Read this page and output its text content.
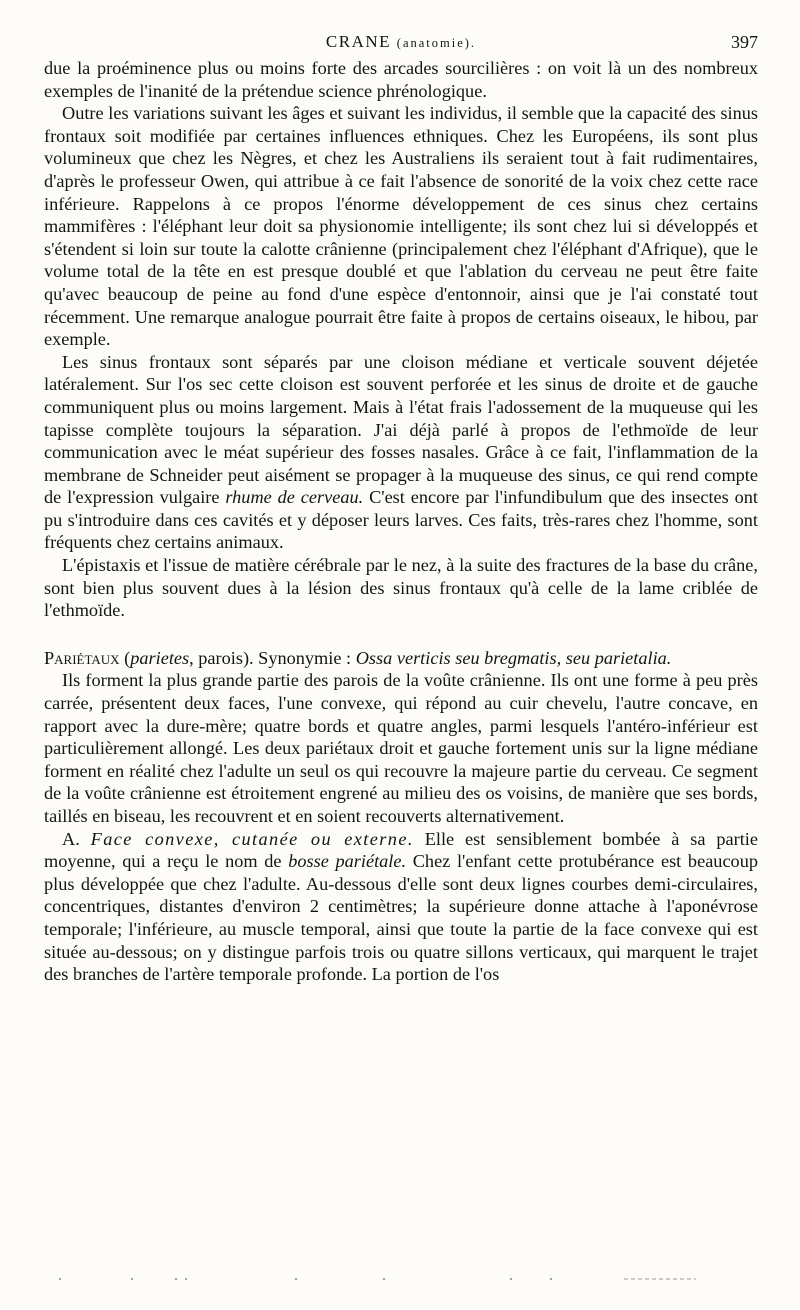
CRANE (anatomie).	397

due la proéminence plus ou moins forte des arcades sourcilières : on voit là un des nombreux exemples de l'inanité de la prétendue science phrénologique.

Outre les variations suivant les âges et suivant les individus, il semble que la capacité des sinus frontaux soit modifiée par certaines influences ethniques. Chez les Européens, ils sont plus volumineux que chez les Nègres, et chez les Australiens ils seraient tout à fait rudimentaires, d'après le professeur Owen, qui attribue à ce fait l'absence de sonorité de la voix chez cette race inférieure. Rappelons à ce propos l'énorme développement de ces sinus chez certains mammifères : l'éléphant leur doit sa physionomie intelligente; ils sont chez lui si développés et s'étendent si loin sur toute la calotte crânienne (principalement chez l'éléphant d'Afrique), que le volume total de la tête en est presque doublé et que l'ablation du cerveau ne peut être faite qu'avec beaucoup de peine au fond d'une espèce d'entonnoir, ainsi que je l'ai constaté tout récemment. Une remarque analogue pourrait être faite à propos de certains oiseaux, le hibou, par exemple.

Les sinus frontaux sont séparés par une cloison médiane et verticale souvent déjetée latéralement. Sur l'os sec cette cloison est souvent perforée et les sinus de droite et de gauche communiquent plus ou moins largement. Mais à l'état frais l'adossement de la muqueuse qui les tapisse complète toujours la séparation. J'ai déjà parlé à propos de l'ethmoïde de leur communication avec le méat supérieur des fosses nasales. Grâce à ce fait, l'inflammation de la membrane de Schneider peut aisément se propager à la muqueuse des sinus, ce qui rend compte de l'expression vulgaire rhume de cerveau. C'est encore par l'infundibulum que des insectes ont pu s'introduire dans ces cavités et y déposer leurs larves. Ces faits, très-rares chez l'homme, sont fréquents chez certains animaux.

L'épistaxis et l'issue de matière cérébrale par le nez, à la suite des fractures de la base du crâne, sont bien plus souvent dues à la lésion des sinus frontaux qu'à celle de la lame criblée de l'ethmoïde.

Pariétaux (parietes, parois). Synonymie : Ossa verticis seu bregmatis, seu parietalia.

Ils forment la plus grande partie des parois de la voûte crânienne. Ils ont une forme à peu près carrée, présentent deux faces, l'une convexe, qui répond au cuir chevelu, l'autre concave, en rapport avec la dure-mère; quatre bords et quatre angles, parmi lesquels l'antéro-inférieur est particulièrement allongé. Les deux pariétaux droit et gauche fortement unis sur la ligne médiane forment en réalité chez l'adulte un seul os qui recouvre la majeure partie du cerveau. Ce segment de la voûte crânienne est étroitement engrené au milieu des os voisins, de manière que ses bords, taillés en biseau, les recouvrent et en soient recouverts alternativement.

A. Face convexe, cutanée ou externe. Elle est sensiblement bombée à sa partie moyenne, qui a reçu le nom de bosse pariétale. Chez l'enfant cette protubérance est beaucoup plus développée que chez l'adulte. Au-dessous d'elle sont deux lignes courbes demi-circulaires, concentriques, distantes d'environ 2 centimètres; la supérieure donne attache à l'aponévrose temporale; l'inférieure, au muscle temporal, ainsi que toute la partie de la face convexe qui est située au-dessous; on y distingue parfois trois ou quatre sillons verticaux, qui marquent le trajet des branches de l'artère temporale profonde. La portion de l'os
